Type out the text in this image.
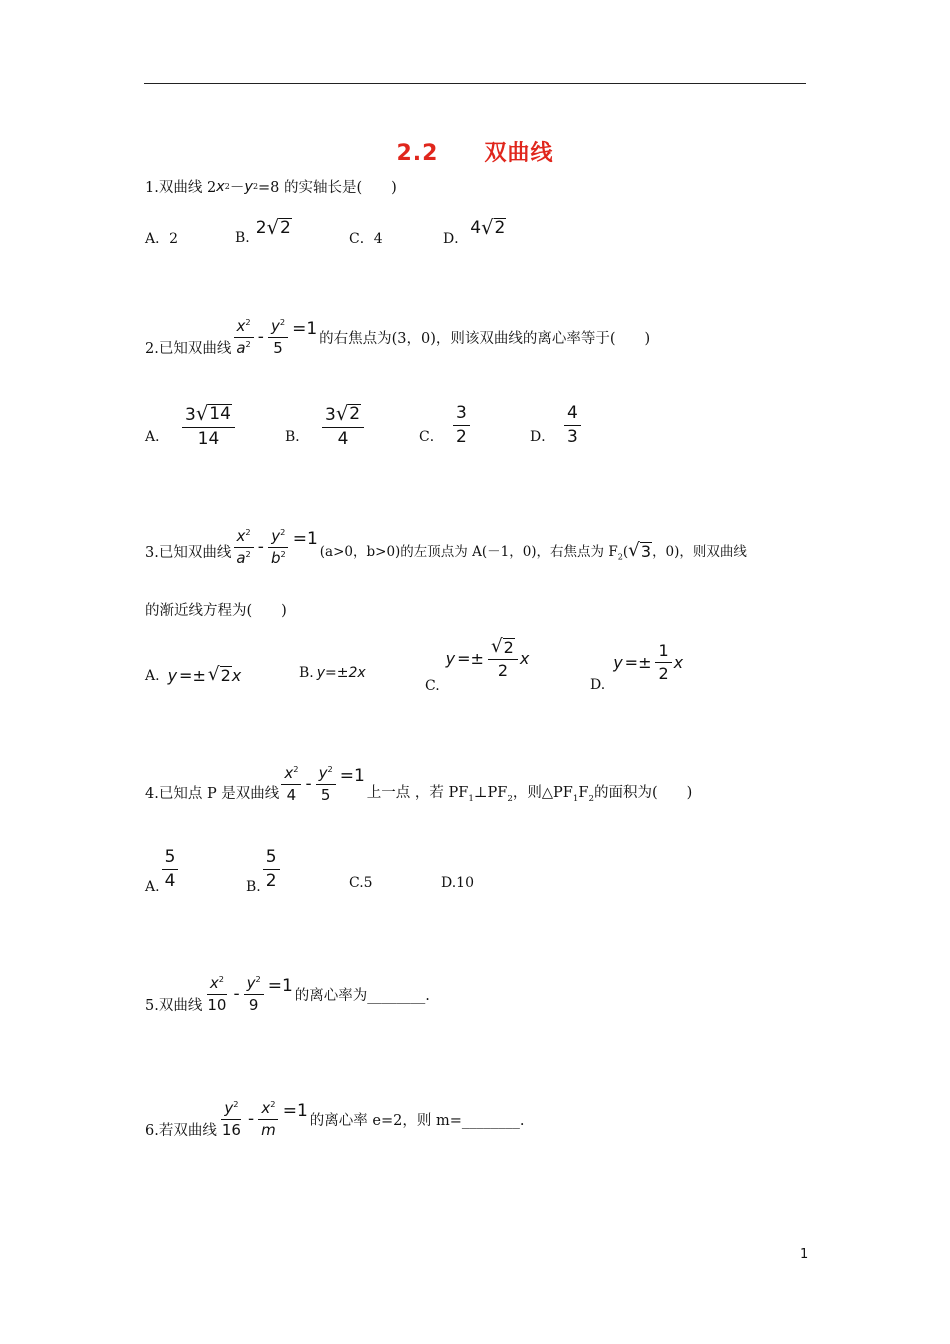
2.2　　双曲线
1.双曲线 2 x 2 － y 2 =8 的实轴长是(　　)
A．2	B. 2 √ 2
C．4	D．
4 √ 2
2.已知双曲线 $\frac{x^2}{a^2} - \frac{y^2}{5} =1$ 的右焦点为(3，0)，则该双曲线的离心率等于(　　)
A． $\frac{3 √ 14}{14}$	B． $\frac{3 √ 2}{4}$	C． $\frac{3}{2}$	D． $\frac{4}{3}$
3.已知双曲线 $\frac{x^2}{a^2} - \frac{y^2}{b^2} =1$
(a>0，b>0)的左顶点为 A(－1，0)，右焦点为 $F_2$( √ 3 ，0)，则双曲线
的渐近线方程为(　　)
A. y =± √ 2 x	B. y=±2x
C.
$y =\pm \frac{√ 2}{2}$ x
D.
$y =\pm \frac{1}{2}$ x
4.已知点 P 是双曲线 $\frac{x^2}{4} - \frac{y^2}{5} =1$
上一点 ，若 $PF_1\perp PF_2$，则$\triangle PF_1F_2$的面积为(　　)
A. $\frac{5}{4}$	B. $\frac{5}{2}$	C.5	D.10
5.双曲线 $\frac{x^2}{10} - \frac{y^2}{9} =1$ 的离心率为________.
6.若双曲线 $\frac{y^2}{16} - \frac{x^2}{m} =1$ 的离心率 e=2，则 m=________.
1
